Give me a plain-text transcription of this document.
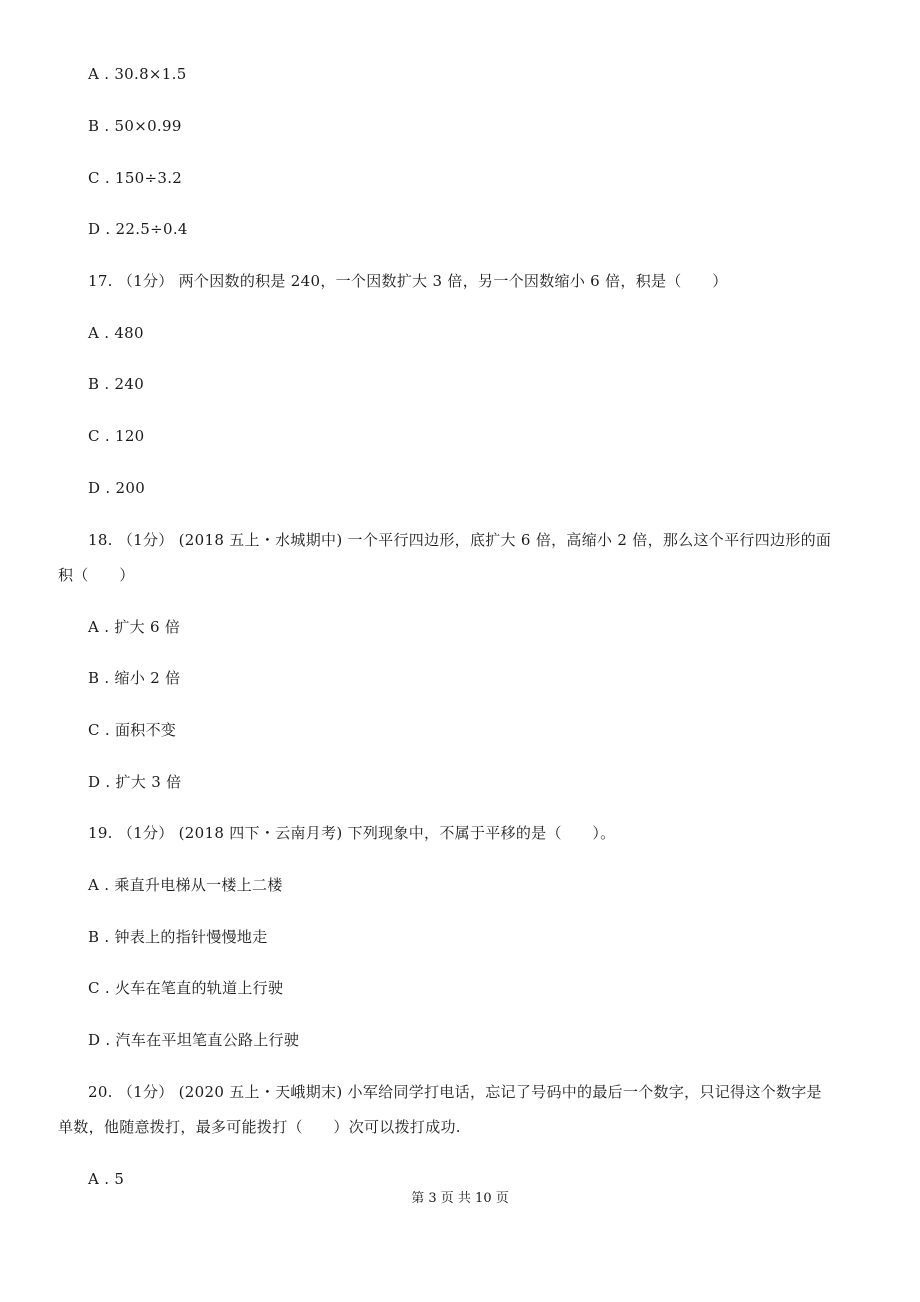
A . 30.8×1.5
B . 50×0.99
C . 150÷3.2
D . 22.5÷0.4
17. （1分） 两个因数的积是 240，一个因数扩大 3 倍，另一个因数缩小 6 倍，积是（　　）
A . 480
B . 240
C . 120
D . 200
18. （1分） (2018 五上・水城期中) 一个平行四边形，底扩大 6 倍，高缩小 2 倍，那么这个平行四边形的面
积（　　）
A . 扩大 6 倍
B . 缩小 2 倍
C . 面积不变
D . 扩大 3 倍
19. （1分） (2018 四下・云南月考) 下列现象中，不属于平移的是（　　）。
A . 乘直升电梯从一楼上二楼
B . 钟表上的指针慢慢地走
C . 火车在笔直的轨道上行驶
D . 汽车在平坦笔直公路上行驶
20. （1分） (2020 五上・天峨期末) 小军给同学打电话，忘记了号码中的最后一个数字，只记得这个数字是
单数，他随意拨打，最多可能拨打（　　）次可以拨打成功.
A . 5
第 3 页 共 10 页
